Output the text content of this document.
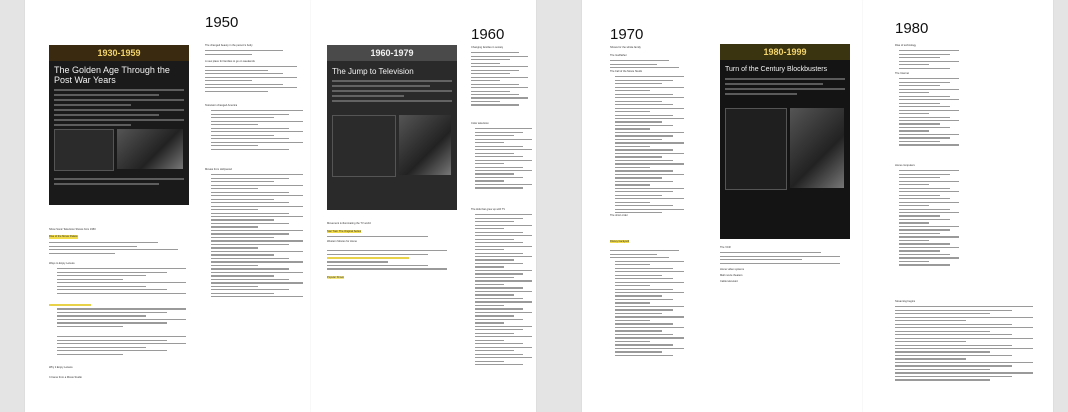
1930-1959
The Golden Age Through the Post War Years
Show Sonic Television Shows from 1950
Rise of the Movie Palace
Ways to Enjoy Leisure
Why it Enjoy Leisure
It Came from a Movie Studio
1950
The changed beauty in the person's body
A new place for families to go on weekends
Television changed America
Movies from Hollywood
1960-1979
The Jump to Television
Movement is illuminating the TV world
Star Trek: The Original Series
Western Movies for Home
Popular Shows
1960
Changing families in society
Color television
The kids that grew up with TV
1970
Shows for the whole family
The Godfather
The Fall of the Movie Studio
The short order
Disney backyard
1980-1999
Turn of the Century Blockbusters
The VCR
Home video systems
Mall movie theaters
Cable television
1980
Rise of technology
The Internet
Home computers
Streaming begins
